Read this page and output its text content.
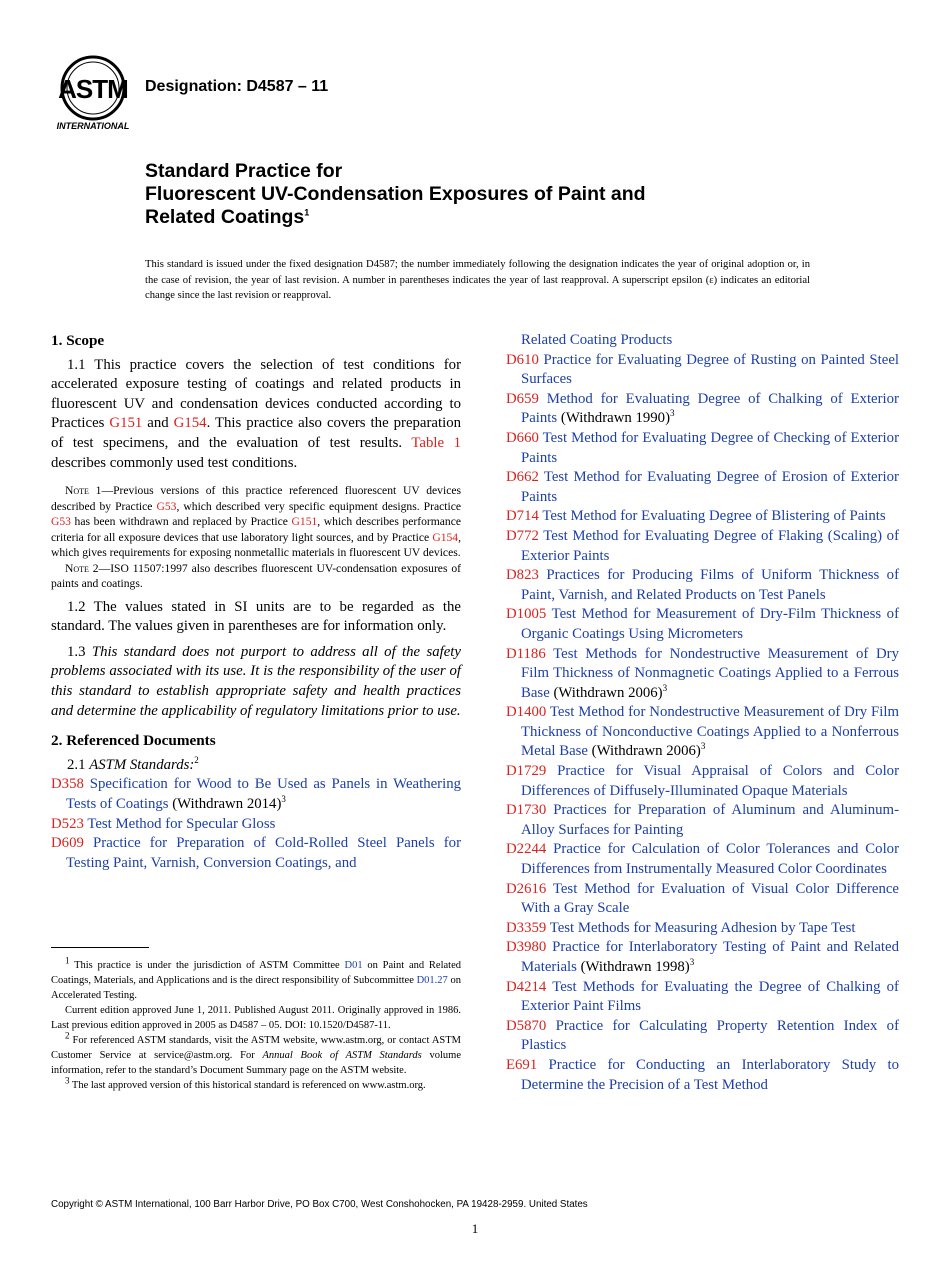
ASTM
INTERNATIONAL
Designation: D4587 – 11
Standard Practice for
Fluorescent UV-Condensation Exposures of Paint and
Related Coatings$^1$
This standard is issued under the fixed designation D4587; the number immediately following the designation indicates the year of original adoption or, in the case of revision, the year of last revision. A number in parentheses indicates the year of last reapproval. A superscript epsilon (ε) indicates an editorial change since the last revision or reapproval.
1. Scope

1.1 This practice covers the selection of test conditions for accelerated exposure testing of coatings and related products in fluorescent UV and condensation devices conducted according to Practices G151 and G154. This practice also covers the preparation of test specimens, and the evaluation of test results. Table 1 describes commonly used test conditions.

Note 1—Previous versions of this practice referenced fluorescent UV devices described by Practice G53, which described very specific equipment designs. Practice G53 has been withdrawn and replaced by Practice G151, which describes performance criteria for all exposure devices that use laboratory light sources, and by Practice G154, which gives requirements for exposing nonmetallic materials in fluorescent UV devices.

Note 2—ISO 11507:1997 also describes fluorescent UV-condensation exposures of paints and coatings.

1.2 The values stated in SI units are to be regarded as the standard. The values given in parentheses are for information only.

1.3 This standard does not purport to address all of the safety problems associated with its use. It is the responsibility of the user of this standard to establish appropriate safety and health practices and determine the applicability of regulatory limitations prior to use.

2. Referenced Documents

2.1 ASTM Standards:$^2$

D358 Specification for Wood to Be Used as Panels in Weathering Tests of Coatings (Withdrawn 2014)$^3$

D523 Test Method for Specular Gloss

D609 Practice for Preparation of Cold-Rolled Steel Panels for Testing Paint, Varnish, Conversion Coatings, and

Related Coating Products

D610 Practice for Evaluating Degree of Rusting on Painted Steel Surfaces

D659 Method for Evaluating Degree of Chalking of Exterior Paints (Withdrawn 1990)$^3$

D660 Test Method for Evaluating Degree of Checking of Exterior Paints

D662 Test Method for Evaluating Degree of Erosion of Exterior Paints

D714 Test Method for Evaluating Degree of Blistering of Paints

D772 Test Method for Evaluating Degree of Flaking (Scaling) of Exterior Paints

D823 Practices for Producing Films of Uniform Thickness of Paint, Varnish, and Related Products on Test Panels

D1005 Test Method for Measurement of Dry-Film Thickness of Organic Coatings Using Micrometers

D1186 Test Methods for Nondestructive Measurement of Dry Film Thickness of Nonmagnetic Coatings Applied to a Ferrous Base (Withdrawn 2006)$^3$

D1400 Test Method for Nondestructive Measurement of Dry Film Thickness of Nonconductive Coatings Applied to a Nonferrous Metal Base (Withdrawn 2006)$^3$

D1729 Practice for Visual Appraisal of Colors and Color Differences of Diffusely-Illuminated Opaque Materials

D1730 Practices for Preparation of Aluminum and Aluminum-Alloy Surfaces for Painting

D2244 Practice for Calculation of Color Tolerances and Color Differences from Instrumentally Measured Color Coordinates

D2616 Test Method for Evaluation of Visual Color Difference With a Gray Scale

D3359 Test Methods for Measuring Adhesion by Tape Test

D3980 Practice for Interlaboratory Testing of Paint and Related Materials (Withdrawn 1998)$^3$

D4214 Test Methods for Evaluating the Degree of Chalking of Exterior Paint Films

D5870 Practice for Calculating Property Retention Index of Plastics

E691 Practice for Conducting an Interlaboratory Study to Determine the Precision of a Test Method

$^1$ This practice is under the jurisdiction of ASTM Committee D01 on Paint and Related Coatings, Materials, and Applications and is the direct responsibility of Subcommittee D01.27 on Accelerated Testing.

Current edition approved June 1, 2011. Published August 2011. Originally approved in 1986. Last previous edition approved in 2005 as D4587 – 05. DOI: 10.1520/D4587-11.

$^2$ For referenced ASTM standards, visit the ASTM website, www.astm.org, or contact ASTM Customer Service at service@astm.org. For Annual Book of ASTM Standards volume information, refer to the standard’s Document Summary page on the ASTM website.

$^3$ The last approved version of this historical standard is referenced on www.astm.org.

Copyright © ASTM International, 100 Barr Harbor Drive, PO Box C700, West Conshohocken, PA 19428-2959. United States
1
